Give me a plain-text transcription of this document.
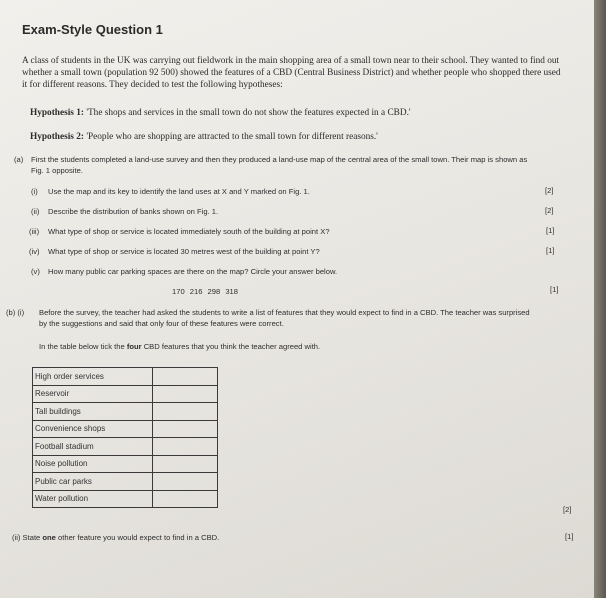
Exam-Style Question 1
A class of students in the UK was carrying out fieldwork in the main shopping area of a small town near to their school. They wanted to find out whether a small town (population 92 500) showed the features of a CBD (Central Business District) and whether people who shopped there used it for different reasons. They decided to test the following hypotheses:
Hypothesis 1: 'The shops and services in the small town do not show the features expected in a CBD.'
Hypothesis 2: 'People who are shopping are attracted to the small town for different reasons.'
(a) First the students completed a land-use survey and then they produced a land-use map of the central area of the small town. Their map is shown as Fig. 1 opposite.
(i) Use the map and its key to identify the land uses at X and Y marked on Fig. 1.	[2]
(ii) Describe the distribution of banks shown on Fig. 1.	[2]
(iii) What type of shop or service is located immediately south of the building at point X?	[1]
(iv) What type of shop or service is located 30 metres west of the building at point Y?	[1]
(v) How many public car parking spaces are there on the map? Circle your answer below.
170 216 298 318	[1]
(b) (i) Before the survey, the teacher had asked the students to write a list of features that they would expect to find in a CBD. The teacher was surprised by the suggestions and said that only four of these features were correct.
In the table below tick the four CBD features that you think the teacher agreed with.
High order services	
Reservoir	
Tall buildings	
Convenience shops	
Football stadium	
Noise pollution	
Public car parks	
Water pollution	
[2]
(ii) State one other feature you would expect to find in a CBD.	[1]
